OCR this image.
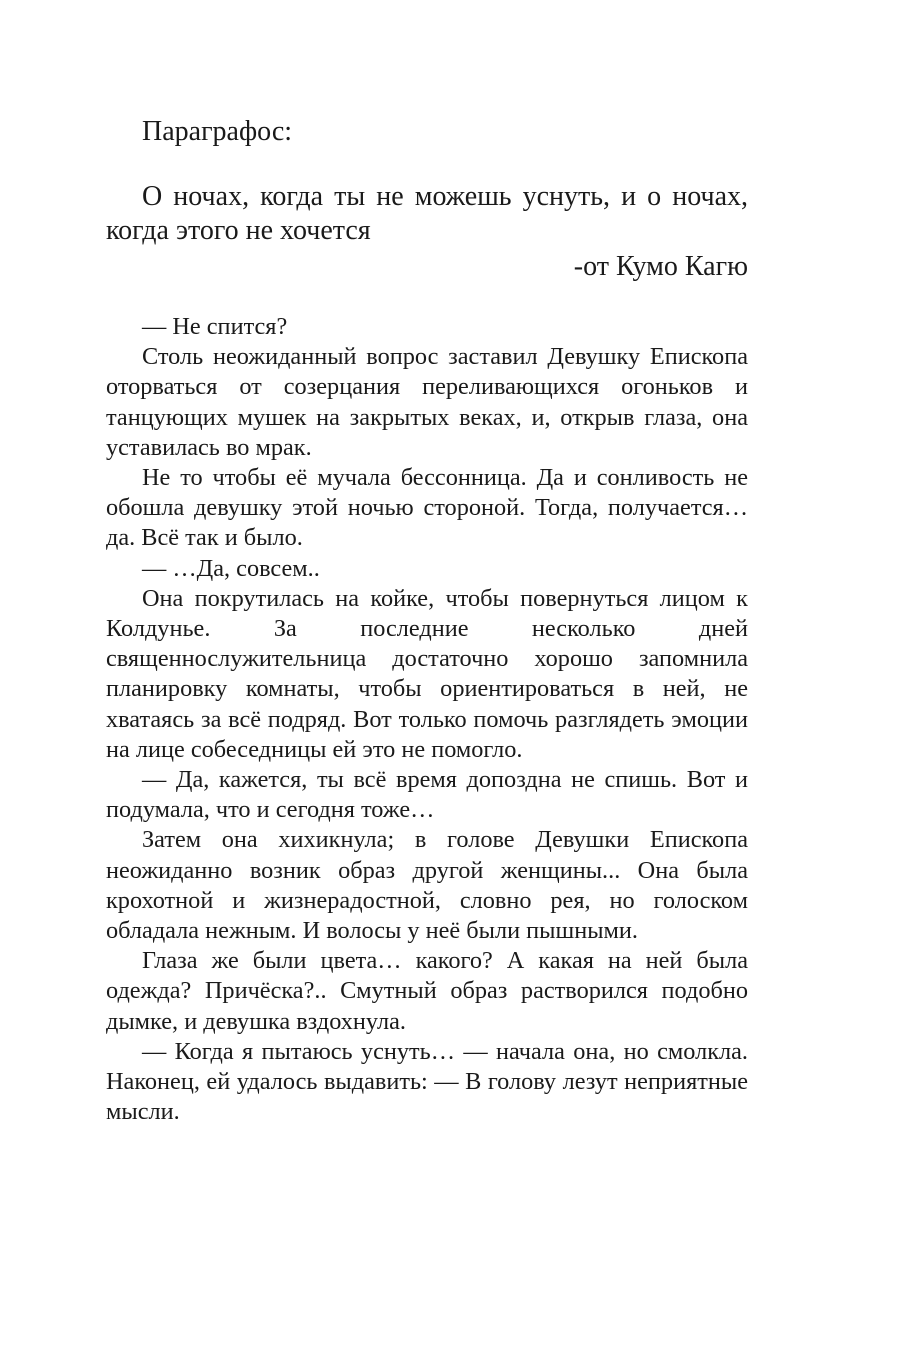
Параграфос:
О ночах, когда ты не можешь уснуть, и о ночах, когда этого не хочется
-от Кумо Кагю

— Не спится?

Столь неожиданный вопрос заставил Девушку Епископа оторваться от созерцания переливающихся огоньков и танцующих мушек на закрытых веках, и, открыв глаза, она уставилась во мрак.

Не то чтобы её мучала бессонница. Да и сонливость не обошла девушку этой ночью стороной. Тогда, получается… да. Всё так и было.

— …Да, совсем..

Она покрутилась на койке, чтобы повернуться лицом к Колдунье. За последние несколько дней священнослужительница достаточно хорошо запомнила планировку комнаты, чтобы ориентироваться в ней, не хватаясь за всё подряд. Вот только помочь разглядеть эмоции на лице собеседницы ей это не помогло.

— Да, кажется, ты всё время допоздна не спишь. Вот и подумала, что и сегодня тоже…

Затем она хихикнула; в голове Девушки Епископа неожиданно возник образ другой женщины... Она была крохотной и жизнерадостной, словно рея, но голоском обладала нежным. И волосы у неё были пышными.

Глаза же были цвета… какого? А какая на ней была одежда? Причёска?.. Смутный образ растворился подобно дымке, и девушка вздохнула.

— Когда я пытаюсь уснуть… — начала она, но смолкла. Наконец, ей удалось выдавить: — В голову лезут неприятные мысли.
